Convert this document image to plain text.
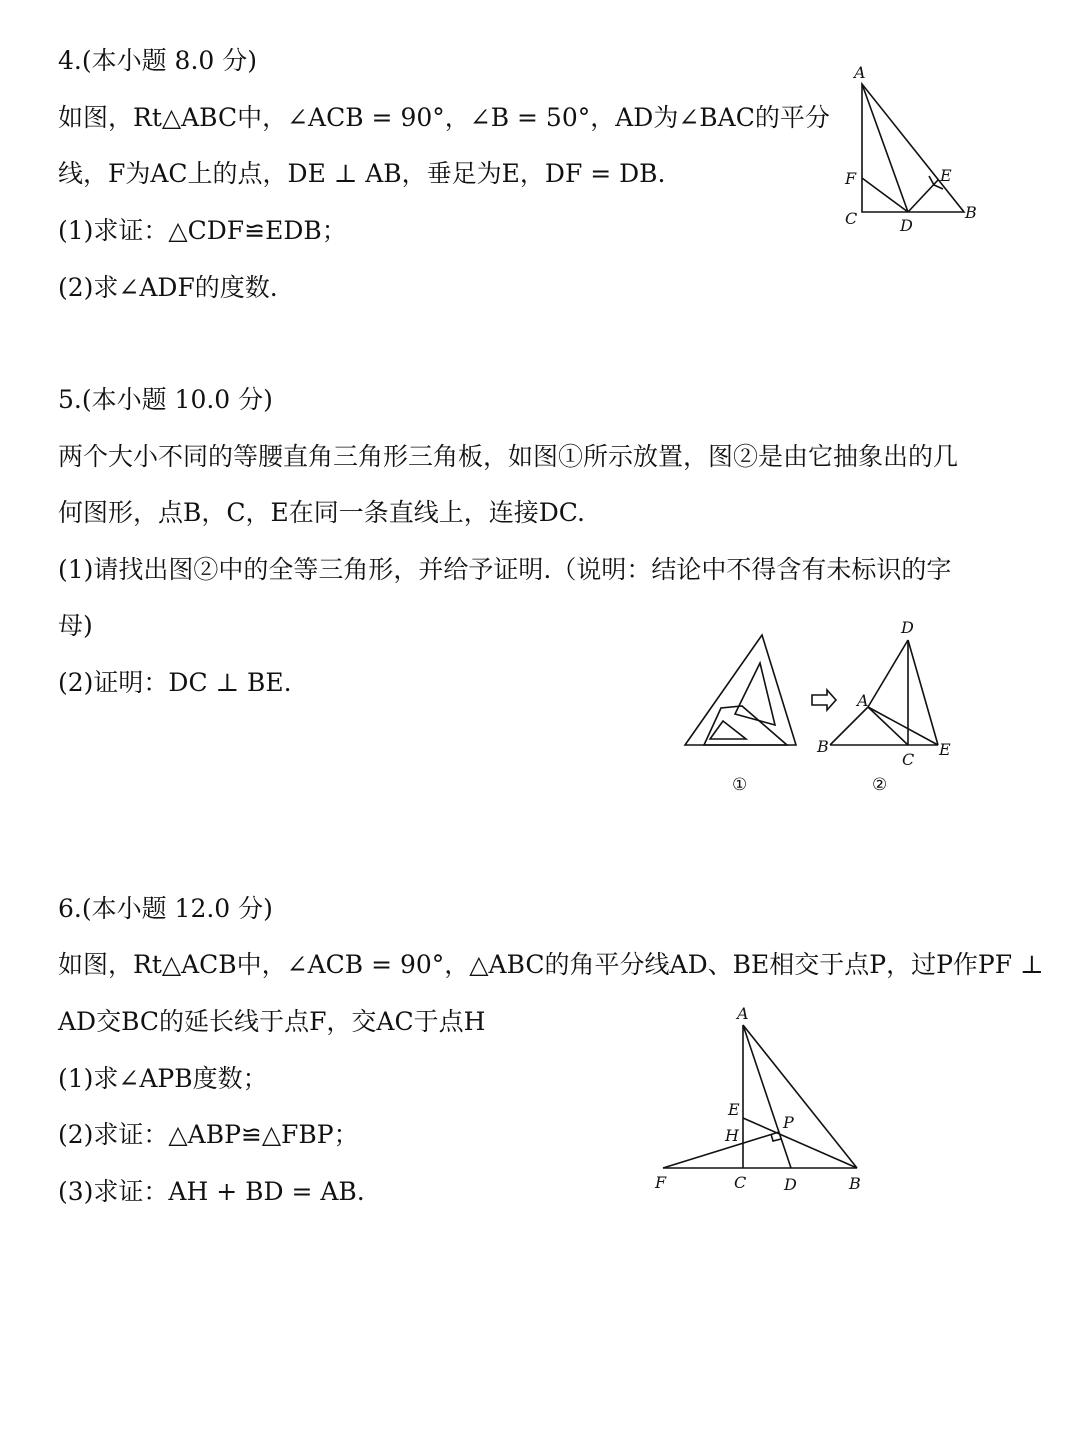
4.(本小题 8.0 分)

如图，Rt△ABC中，∠ACB = 90°，∠B = 50°，AD为∠BAC的平分

线，F为AC上的点，DE ⊥ AB，垂足为E，DF = DB.

(1)求证：△CDF≌EDB；

(2)求∠ADF的度数.

A
F
C	D
E
B

5.(本小题 10.0 分)

两个大小不同的等腰直角三角形三角板，如图①所示放置，图②是由它抽象出的几

何图形，点B，C，E在同一条直线上，连接DC.

(1)请找出图②中的全等三角形，并给予证明.（说明：结论中不得含有未标识的字

母)

(2)证明：DC ⊥ BE.

D
A
B
C
E
①	②

6.(本小题 12.0 分)

如图，Rt△ACB中，∠ACB = 90°，△ABC的角平分线AD、BE相交于点P，过P作PF ⊥

AD交BC的延长线于点F，交AC于点H

(1)求∠APB度数；

(2)求证：△ABP≌△FBP；

(3)求证：AH + BD = AB.

A
E
H
P
F	C D	B
